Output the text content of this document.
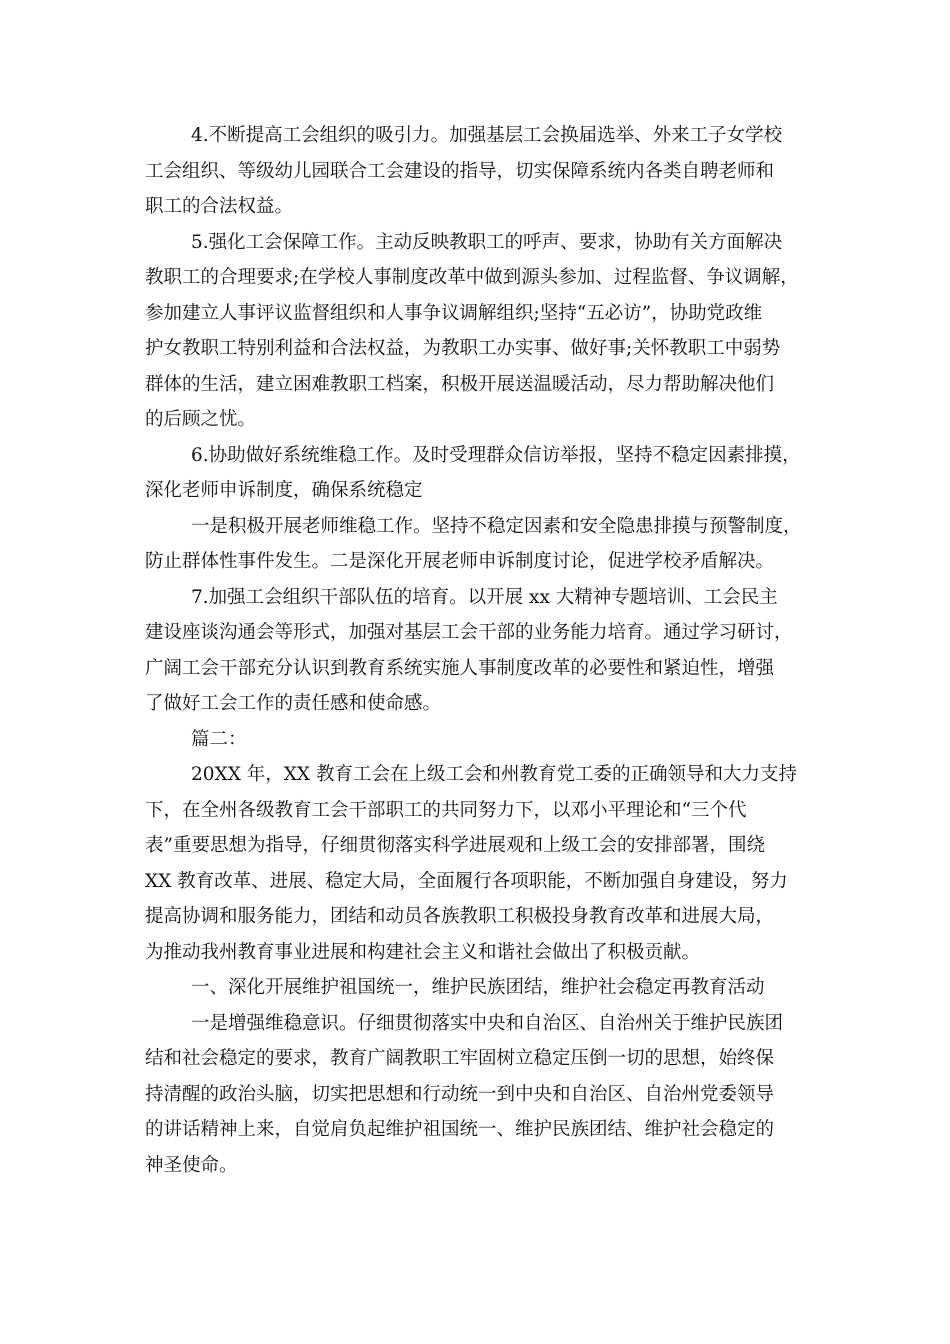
4.不断提高工会组织的吸引力。加强基层工会换届选举、外来工子女学校
工会组织、等级幼儿园联合工会建设的指导，切实保障系统内各类自聘老师和
职工的合法权益。
5.强化工会保障工作。主动反映教职工的呼声、要求，协助有关方面解决
教职工的合理要求;在学校人事制度改革中做到源头参加、过程监督、争议调解，
参加建立人事评议监督组织和人事争议调解组织;坚持“五必访”，协助党政维
护女教职工特别利益和合法权益，为教职工办实事、做好事;关怀教职工中弱势
群体的生活，建立困难教职工档案，积极开展送温暖活动，尽力帮助解决他们
的后顾之忧。
6.协助做好系统维稳工作。及时受理群众信访举报，坚持不稳定因素排摸，
深化老师申诉制度，确保系统稳定
一是积极开展老师维稳工作。坚持不稳定因素和安全隐患排摸与预警制度，
防止群体性事件发生。二是深化开展老师申诉制度讨论，促进学校矛盾解决。
7.加强工会组织干部队伍的培育。以开展 xx 大精神专题培训、工会民主
建设座谈沟通会等形式，加强对基层工会干部的业务能力培育。通过学习研讨，
广阔工会干部充分认识到教育系统实施人事制度改革的必要性和紧迫性，增强
了做好工会工作的责任感和使命感。
篇二：
20XX 年，XX 教育工会在上级工会和州教育党工委的正确领导和大力支持
下，在全州各级教育工会干部职工的共同努力下，以邓小平理论和“三个代
表”重要思想为指导，仔细贯彻落实科学进展观和上级工会的安排部署，围绕
XX 教育改革、进展、稳定大局，全面履行各项职能，不断加强自身建设，努力
提高协调和服务能力，团结和动员各族教职工积极投身教育改革和进展大局，
为推动我州教育事业进展和构建社会主义和谐社会做出了积极贡献。
一、深化开展维护祖国统一，维护民族团结，维护社会稳定再教育活动
一是增强维稳意识。仔细贯彻落实中央和自治区、自治州关于维护民族团
结和社会稳定的要求，教育广阔教职工牢固树立稳定压倒一切的思想，始终保
持清醒的政治头脑，切实把思想和行动统一到中央和自治区、自治州党委领导
的讲话精神上来，自觉肩负起维护祖国统一、维护民族团结、维护社会稳定的
神圣使命。
